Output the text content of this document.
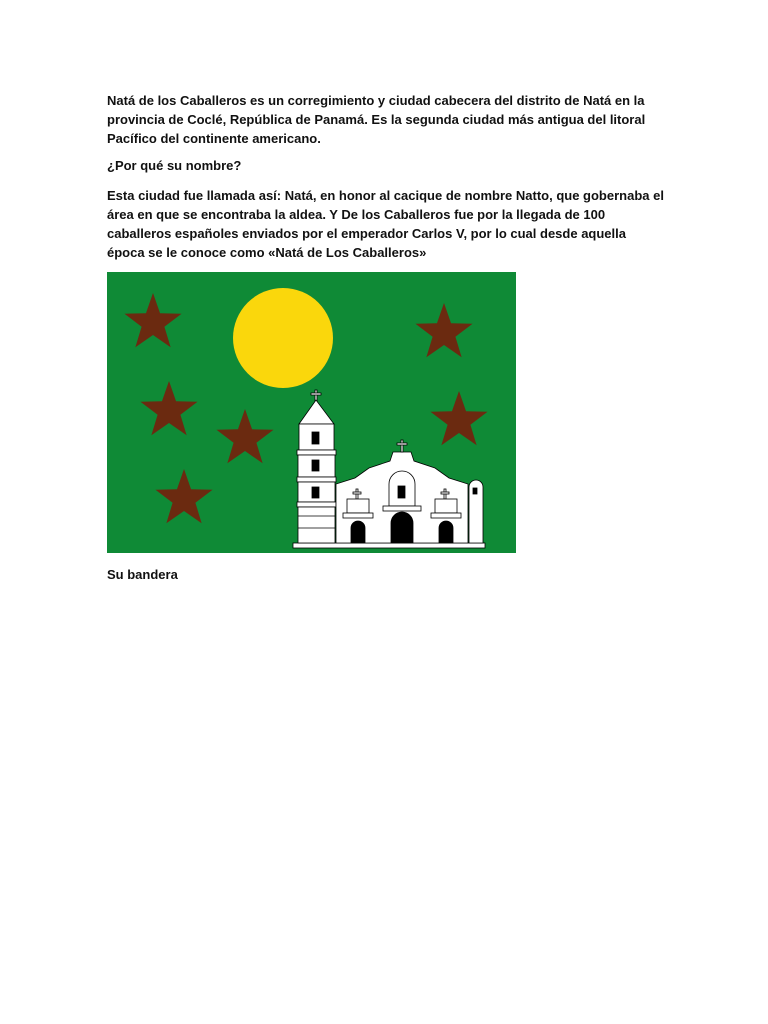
Natá de los Caballeros es un corregimiento y ciudad cabecera del distrito de Natá en la provincia de Coclé, República de Panamá. Es la segunda ciudad más antigua del litoral Pacífico del continente americano.

¿Por qué su nombre?

Esta ciudad fue llamada así: Natá, en honor al cacique de nombre Natto, que gobernaba el área en que se encontraba la aldea. Y De los Caballeros fue por la llegada de 100 caballeros españoles enviados por el emperador Carlos V, por lo cual desde aquella época se le conoce como «Natá de Los Caballeros»

Su bandera
